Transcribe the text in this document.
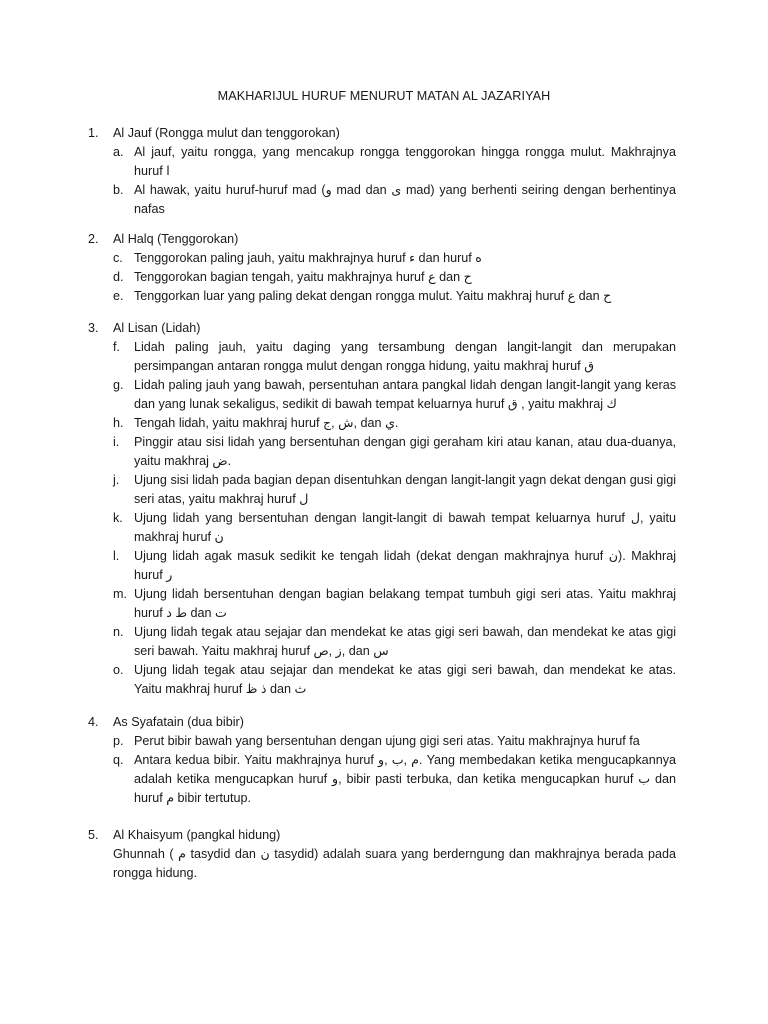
MAKHARIJUL HURUF MENURUT MATAN AL JAZARIYAH
1.	Al Jauf (Rongga mulut dan tenggorokan)
a. Al jauf, yaitu rongga, yang mencakup rongga tenggorokan hingga rongga mulut. Makhrajnya huruf ا
b. Al hawak, yaitu huruf-huruf mad (و mad dan ى mad) yang berhenti seiring dengan berhentinya nafas
2.	Al Halq (Tenggorokan)
c. Tenggorokan paling jauh, yaitu makhrajnya huruf ء dan huruf ه
d. Tenggorokan bagian tengah, yaitu makhrajnya huruf ع dan ح
e. Tenggorkan luar yang paling dekat dengan rongga mulut. Yaitu makhraj huruf ع dan ح
3.	Al Lisan (Lidah)
f. Lidah paling jauh, yaitu daging yang tersambung dengan langit-langit dan merupakan persimpangan antaran rongga mulut dengan rongga hidung, yaitu makhraj huruf ق
g. Lidah paling jauh yang bawah, persentuhan antara pangkal lidah dengan langit-langit yang keras dan yang lunak sekaligus, sedikit di bawah tempat keluarnya huruf ق , yaitu makhraj ك
h. Tengah lidah, yaitu makhraj huruf ش ,ج, dan ي.
i. Pinggir atau sisi lidah yang bersentuhan dengan gigi geraham kiri atau kanan, atau dua-duanya, yaitu makhraj ض.
j. Ujung sisi lidah pada bagian depan disentuhkan dengan langit-langit yagn dekat dengan gusi gigi seri atas, yaitu makhraj huruf ل
k. Ujung lidah yang bersentuhan dengan langit-langit di bawah tempat keluarnya huruf ل, yaitu makhraj huruf ن
l. Ujung lidah agak masuk sedikit ke tengah lidah (dekat dengan makhrajnya huruf ن). Makhraj huruf ر
m. Ujung lidah bersentuhan dengan bagian belakang tempat tumbuh gigi seri atas. Yaitu makhraj huruf ط د dan ت
n. Ujung lidah tegak atau sejajar dan mendekat ke atas gigi seri bawah, dan mendekat ke atas gigi seri bawah. Yaitu makhraj huruf ز ,ص, dan س
o. Ujung lidah tegak atau sejajar dan mendekat ke atas gigi seri bawah, dan mendekat ke atas. Yaitu makhraj huruf ذ ظ dan ث
4.	As Syafatain (dua bibir)
p. Perut bibir bawah yang bersentuhan dengan ujung gigi seri atas. Yaitu makhrajnya huruf fa
q. Antara kedua bibir. Yaitu makhrajnya huruf م ,ب ,و. Yang membedakan ketika mengucapkannya adalah ketika mengucapkan huruf و, bibir pasti terbuka, dan ketika mengucapkan huruf ب dan huruf م bibir tertutup.
5.	Al Khaisyum (pangkal hidung)
Ghunnah ( م tasydid dan ن tasydid) adalah suara yang berderngung dan makhrajnya berada pada rongga hidung.
